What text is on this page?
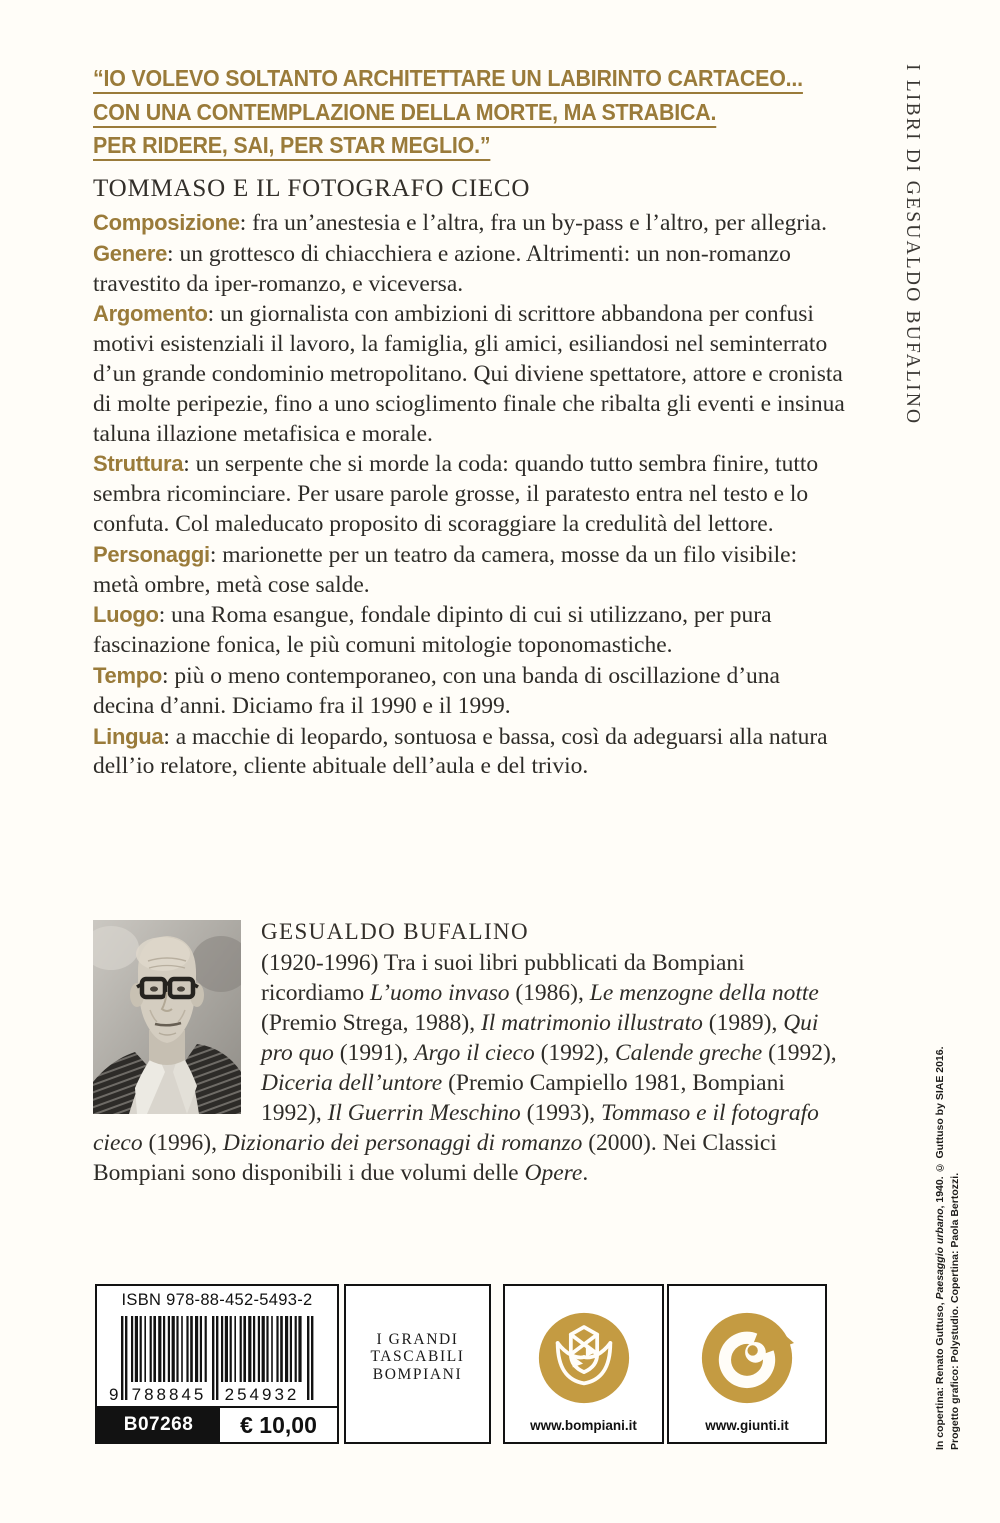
“IO VOLEVO SOLTANTO ARCHITETTARE UN LABIRINTO CARTACEO...
CON UNA CONTEMPLAZIONE DELLA MORTE, MA STRABICA.
PER RIDERE, SAI, PER STAR MEGLIO.”
TOMMASO E IL FOTOGRAFO CIECO

Composizione: fra un’anestesia e l’altra, fra un by-pass e l’altro, per allegria.

Genere: un grottesco di chiacchiera e azione. Altrimenti: un non-romanzo travestito da iper-romanzo, e viceversa.

Argomento: un giornalista con ambizioni di scrittore abbandona per confusi motivi esistenziali il lavoro, la famiglia, gli amici, esiliandosi nel seminterrato d’un grande condominio metropolitano. Qui diviene spettatore, attore e cronista di molte peripezie, fino a uno scioglimento finale che ribalta gli eventi e insinua taluna illazione metafisica e morale.

Struttura: un serpente che si morde la coda: quando tutto sembra finire, tutto sembra ricominciare. Per usare parole grosse, il paratesto entra nel testo e lo confuta. Col maleducato proposito di scoraggiare la credulità del lettore.

Personaggi: marionette per un teatro da camera, mosse da un filo visibile: metà ombre, metà cose salde.

Luogo: una Roma esangue, fondale dipinto di cui si utilizzano, per pura fascinazione fonica, le più comuni mitologie toponomastiche.

Tempo: più o meno contemporaneo, con una banda di oscillazione d’una decina d’anni. Diciamo fra il 1990 e il 1999.

Lingua: a macchie di leopardo, sontuosa e bassa, così da adeguarsi alla natura dell’io relatore, cliente abituale dell’aula e del trivio.

GESUALDO BUFALINO
(1920-1996) Tra i suoi libri pubblicati da Bompiani ricordiamo L’uomo invaso (1986), Le menzogne della notte (Premio Strega, 1988), Il matrimonio illustrato (1989), Qui pro quo (1991), Argo il cieco (1992), Calende greche (1992), Diceria dell’untore (Premio Campiello 1981, Bompiani 1992), Il Guerrin Meschino (1993), Tommaso e il fotografo cieco (1996), Dizionario dei personaggi di romanzo (2000). Nei Classici Bompiani sono disponibili i due volumi delle Opere.
I LIBRI DI GESUALDO BUFALINO
In copertina: Renato Guttuso, Paesaggio urbano, 1940. © Guttuso by SIAE 2016.
Progetto grafico: Polystudio. Copertina: Paola Bertozzi.
ISBN 978-88-452-5493-2
9 788845 254932
B07268	€ 10,00
I GRANDI
TASCABILI
BOMPIANI
www.bompiani.it	www.giunti.it
